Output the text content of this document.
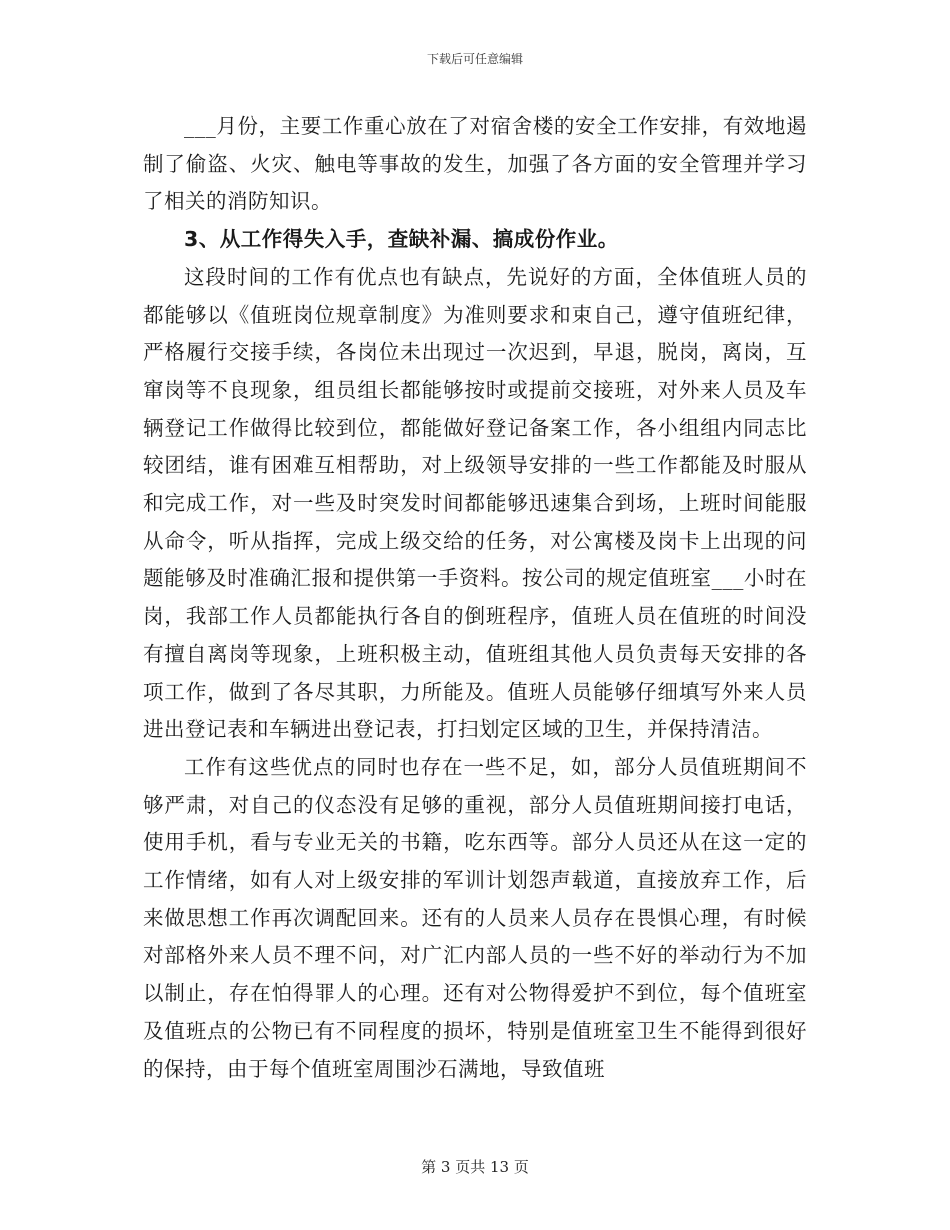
下载后可任意编辑

___月份，主要工作重心放在了对宿舍楼的安全工作安排，有效地遏制了偷盗、火灾、触电等事故的发生，加强了各方面的安全管理并学习了相关的消防知识。

3、从工作得失入手，查缺补漏、搞成份作业。

这段时间的工作有优点也有缺点，先说好的方面，全体值班人员的都能够以《值班岗位规章制度》为准则要求和束自己，遵守值班纪律，严格履行交接手续，各岗位未出现过一次迟到，早退，脱岗，离岗，互窜岗等不良现象，组员组长都能够按时或提前交接班，对外来人员及车辆登记工作做得比较到位，都能做好登记备案工作，各小组组内同志比较团结，谁有困难互相帮助，对上级领导安排的一些工作都能及时服从和完成工作，对一些及时突发时间都能够迅速集合到场，上班时间能服从命令，听从指挥，完成上级交给的任务，对公寓楼及岗卡上出现的问题能够及时准确汇报和提供第一手资料。按公司的规定值班室___小时在岗，我部工作人员都能执行各自的倒班程序，值班人员在值班的时间没有擅自离岗等现象，上班积极主动，值班组其他人员负责每天安排的各项工作，做到了各尽其职，力所能及。值班人员能够仔细填写外来人员进出登记表和车辆进出登记表，打扫划定区域的卫生，并保持清洁。

工作有这些优点的同时也存在一些不足，如，部分人员值班期间不够严肃，对自己的仪态没有足够的重视，部分人员值班期间接打电话，使用手机，看与专业无关的书籍，吃东西等。部分人员还从在这一定的工作情绪，如有人对上级安排的军训计划怨声载道，直接放弃工作，后来做思想工作再次调配回来。还有的人员来人员存在畏惧心理，有时候对部格外来人员不理不问，对广汇内部人员的一些不好的举动行为不加以制止，存在怕得罪人的心理。还有对公物得爱护不到位，每个值班室及值班点的公物已有不同程度的损坏，特别是值班室卫生不能得到很好的保持，由于每个值班室周围沙石满地，导致值班

第 3 页共 13 页
